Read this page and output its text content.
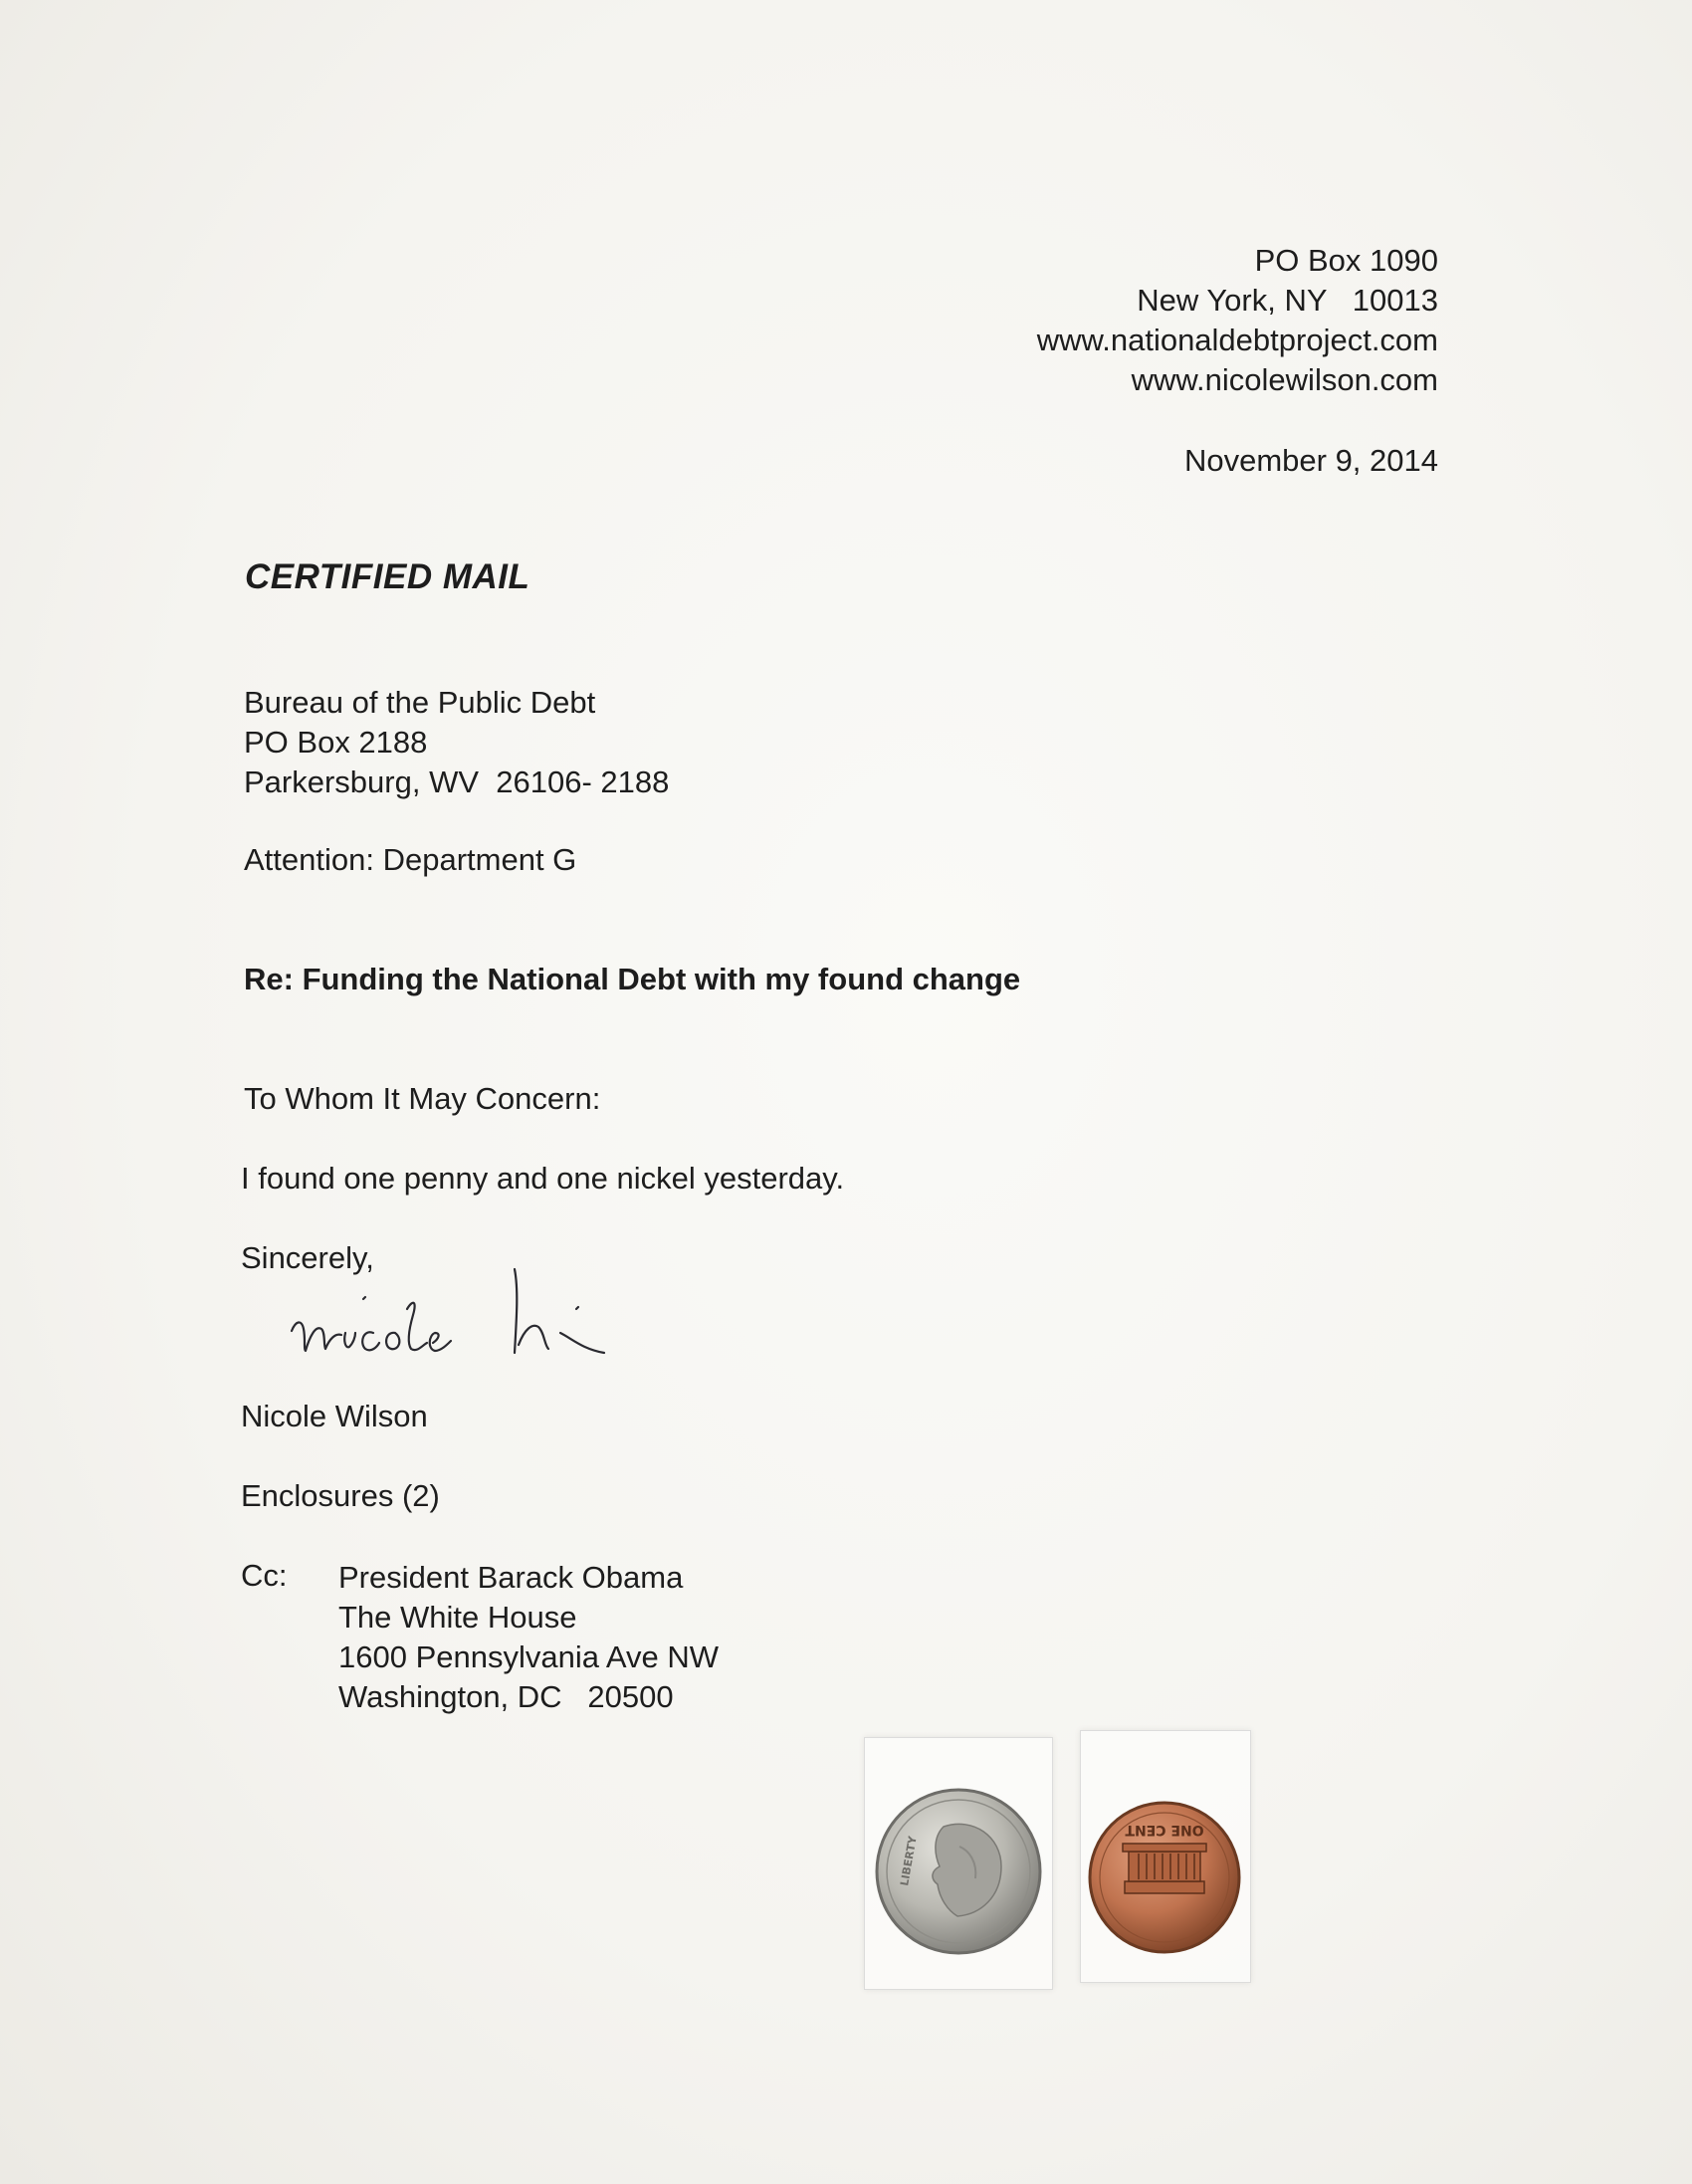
PO Box 1090
New York, NY   10013
www.nationaldebtproject.com
www.nicolewilson.com
November 9, 2014
CERTIFIED MAIL
Bureau of the Public Debt
PO Box 2188
Parkersburg, WV  26106- 2188
Attention: Department G
Re: Funding the National Debt with my found change
To Whom It May Concern:
I found one penny and one nickel yesterday.
Sincerely,
Nicole Wilson
Enclosures (2)
Cc: President Barack Obama
The White House
1600 Pennsylvania Ave NW
Washington, DC   20500
LIBERTY
ONE CENT
